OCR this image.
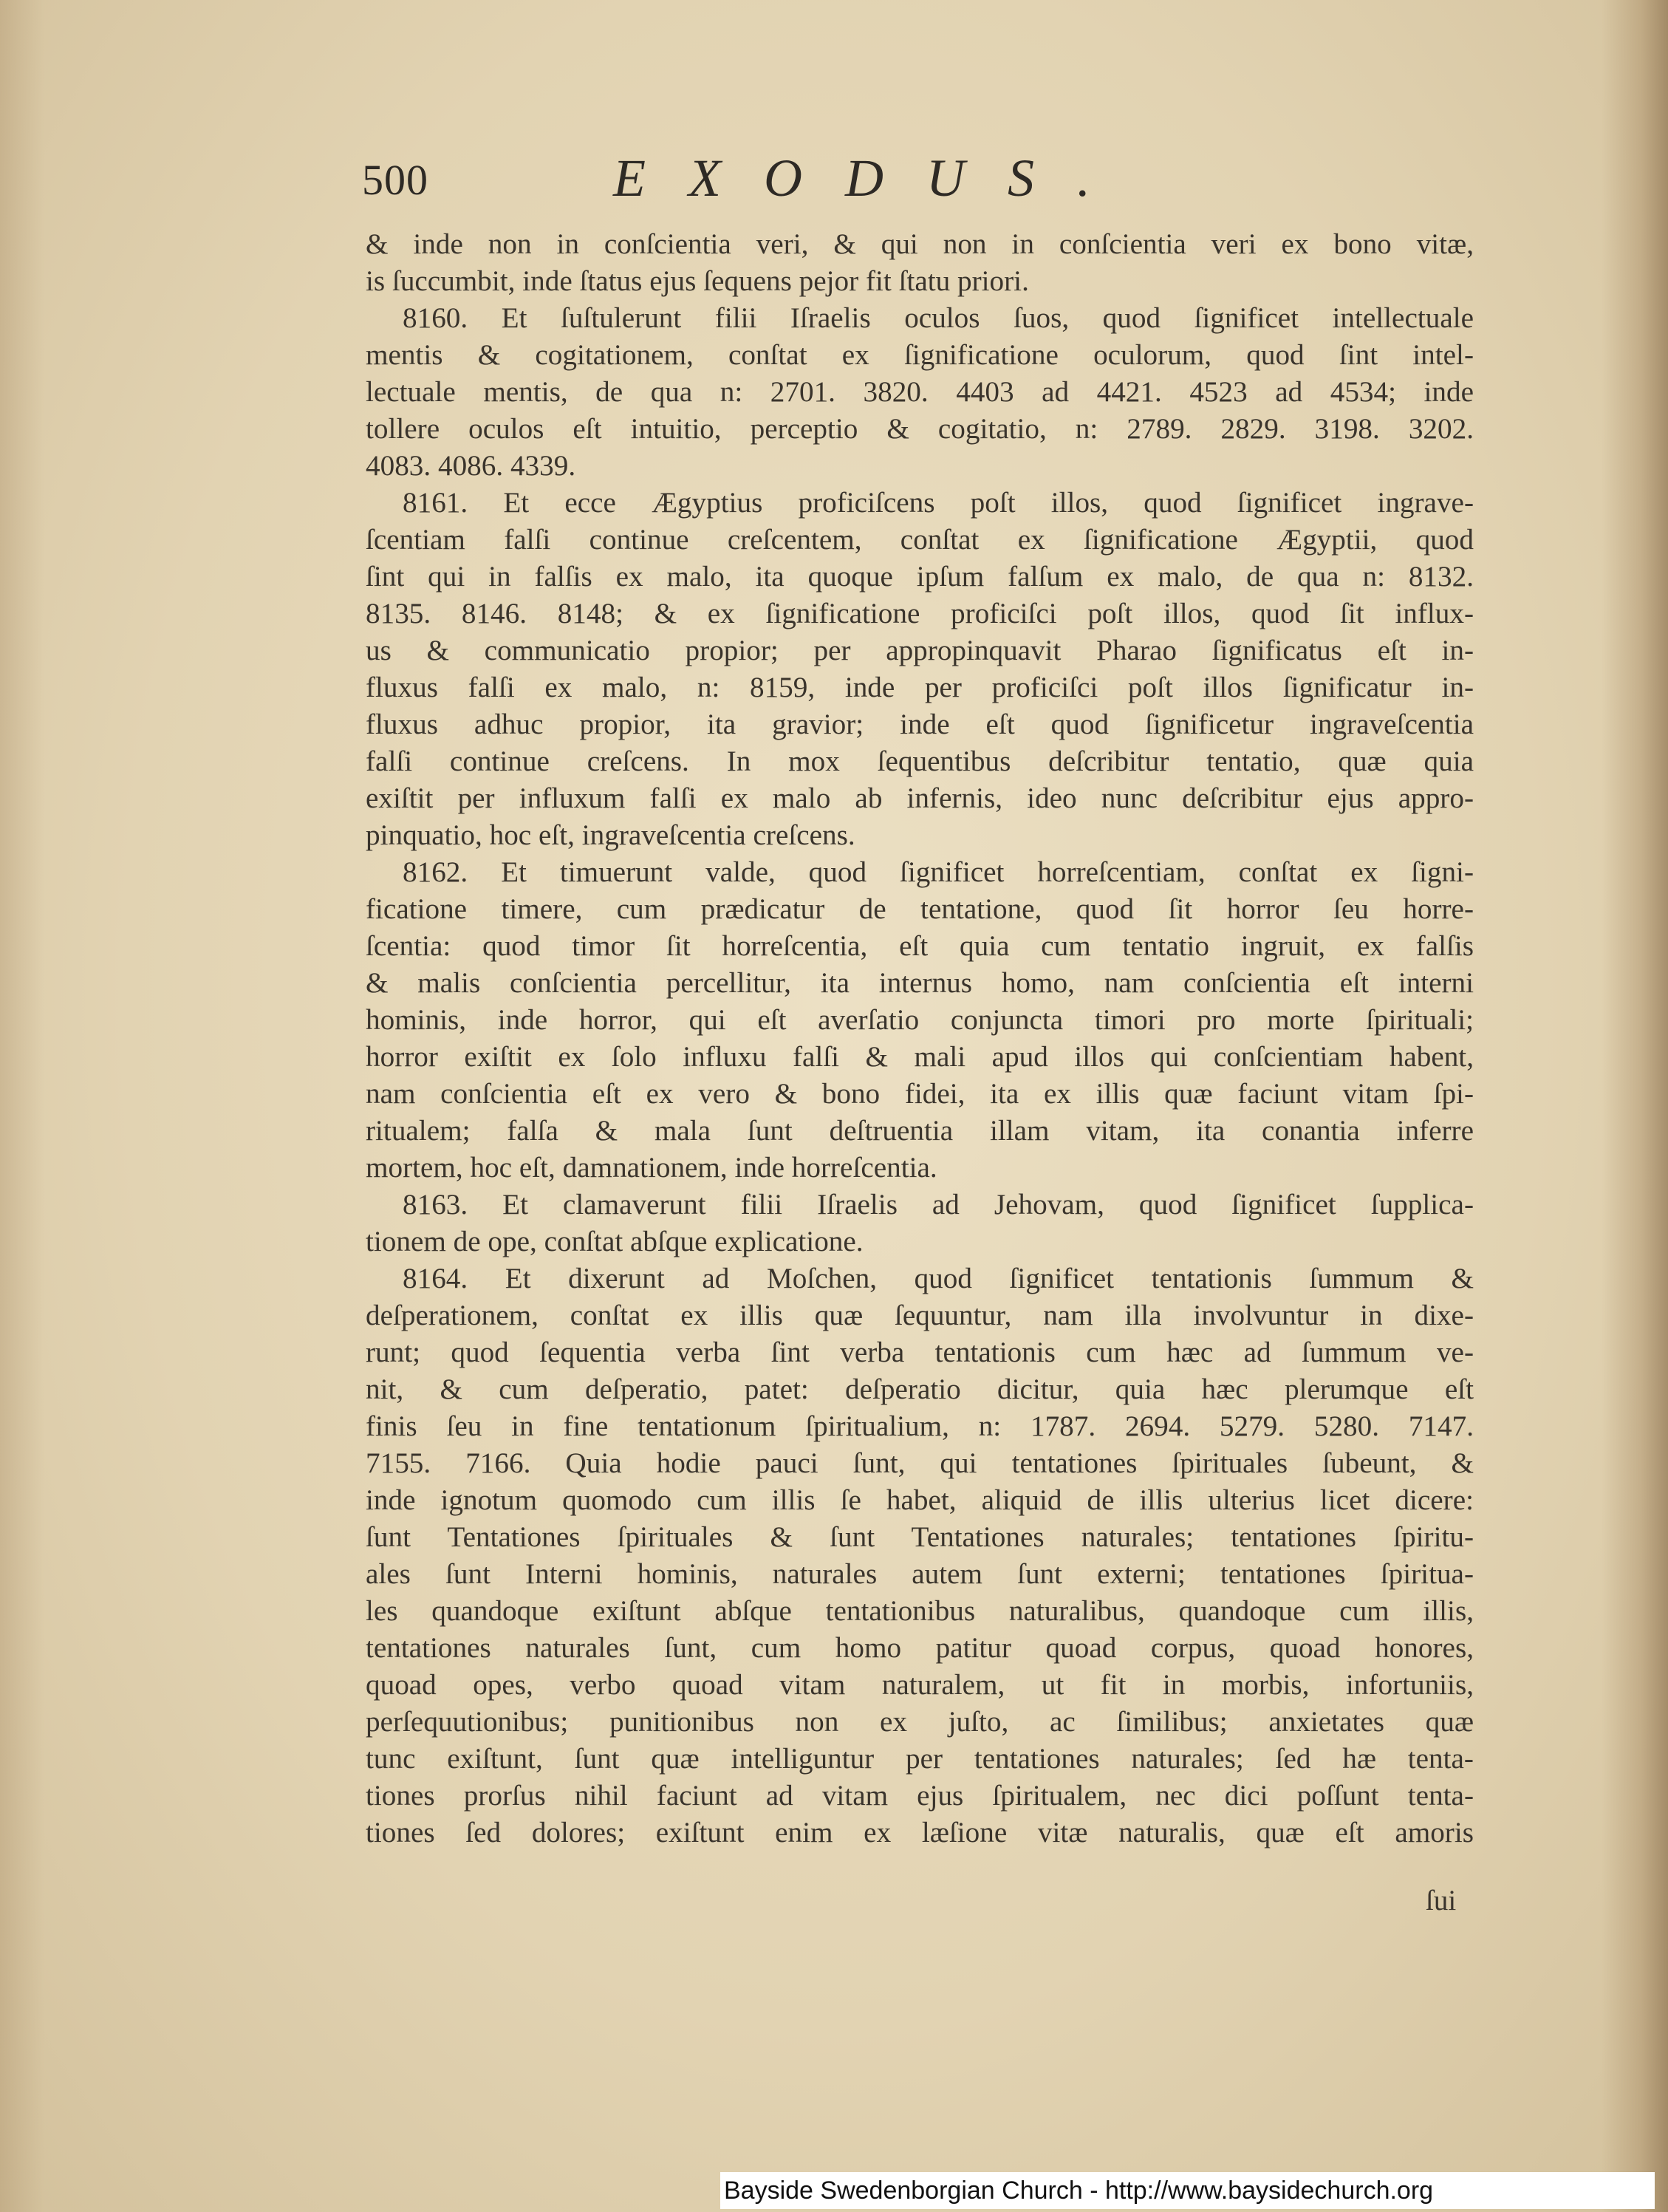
500	EXODUS.
& inde non in conſcientia veri, & qui non in conſcientia veri ex bono vitæ,
is ſuccumbit, inde ſtatus ejus ſequens pejor fit ſtatu priori.
8160. Et ſuſtulerunt filii Iſraelis oculos ſuos, quod ſignificet intellectuale
mentis & cogitationem, conſtat ex ſignificatione oculorum, quod ſint intel-
lectuale mentis, de qua n: 2701. 3820. 4403 ad 4421. 4523 ad 4534; inde
tollere oculos eſt intuitio, perceptio & cogitatio, n: 2789. 2829. 3198. 3202.
4083. 4086. 4339.
8161. Et ecce Ægyptius proficiſcens poſt illos, quod ſignificet ingrave-
ſcentiam falſi continue creſcentem, conſtat ex ſignificatione Ægyptii, quod
ſint qui in falſis ex malo, ita quoque ipſum falſum ex malo, de qua n: 8132.
8135. 8146. 8148; & ex ſignificatione proficiſci poſt illos, quod ſit influx-
us & communicatio propior; per appropinquavit Pharao ſignificatus eſt in-
fluxus falſi ex malo, n: 8159, inde per proficiſci poſt illos ſignificatur in-
fluxus adhuc propior, ita gravior; inde eſt quod ſignificetur ingraveſcentia
falſi continue creſcens. In mox ſequentibus deſcribitur tentatio, quæ quia
exiſtit per influxum falſi ex malo ab infernis, ideo nunc deſcribitur ejus appro-
pinquatio, hoc eſt, ingraveſcentia creſcens.
8162. Et timuerunt valde, quod ſignificet horreſcentiam, conſtat ex ſigni-
ficatione timere, cum prædicatur de tentatione, quod ſit horror ſeu horre-
ſcentia: quod timor ſit horreſcentia, eſt quia cum tentatio ingruit, ex falſis
& malis conſcientia percellitur, ita internus homo, nam conſcientia eſt interni
hominis, inde horror, qui eſt averſatio conjuncta timori pro morte ſpirituali;
horror exiſtit ex ſolo influxu falſi & mali apud illos qui conſcientiam habent,
nam conſcientia eſt ex vero & bono fidei, ita ex illis quæ faciunt vitam ſpi-
ritualem; falſa & mala ſunt deſtruentia illam vitam, ita conantia inferre
mortem, hoc eſt, damnationem, inde horreſcentia.
8163. Et clamaverunt filii Iſraelis ad Jehovam, quod ſignificet ſupplica-
tionem de ope, conſtat abſque explicatione.
8164. Et dixerunt ad Moſchen, quod ſignificet tentationis ſummum &
deſperationem, conſtat ex illis quæ ſequuntur, nam illa involvuntur in dixe-
runt; quod ſequentia verba ſint verba tentationis cum hæc ad ſummum ve-
nit, & cum deſperatio, patet: deſperatio dicitur, quia hæc plerumque eſt
finis ſeu in fine tentationum ſpiritualium, n: 1787. 2694. 5279. 5280. 7147.
7155. 7166. Quia hodie pauci ſunt, qui tentationes ſpirituales ſubeunt, &
inde ignotum quomodo cum illis ſe habet, aliquid de illis ulterius licet dicere:
ſunt Tentationes ſpirituales & ſunt Tentationes naturales; tentationes ſpiritu-
ales ſunt Interni hominis, naturales autem ſunt externi; tentationes ſpiritua-
les quandoque exiſtunt abſque tentationibus naturalibus, quandoque cum illis,
tentationes naturales ſunt, cum homo patitur quoad corpus, quoad honores,
quoad opes, verbo quoad vitam naturalem, ut fit in morbis, infortuniis,
perſequutionibus; punitionibus non ex juſto, ac ſimilibus; anxietates quæ
tunc exiſtunt, ſunt quæ intelliguntur per tentationes naturales; ſed hæ tenta-
tiones prorſus nihil faciunt ad vitam ejus ſpiritualem, nec dici poſſunt tenta-
tiones ſed dolores; exiſtunt enim ex læſione vitæ naturalis, quæ eſt amoris
ſui
Bayside Swedenborgian Church - http://www.baysidechurch.org
